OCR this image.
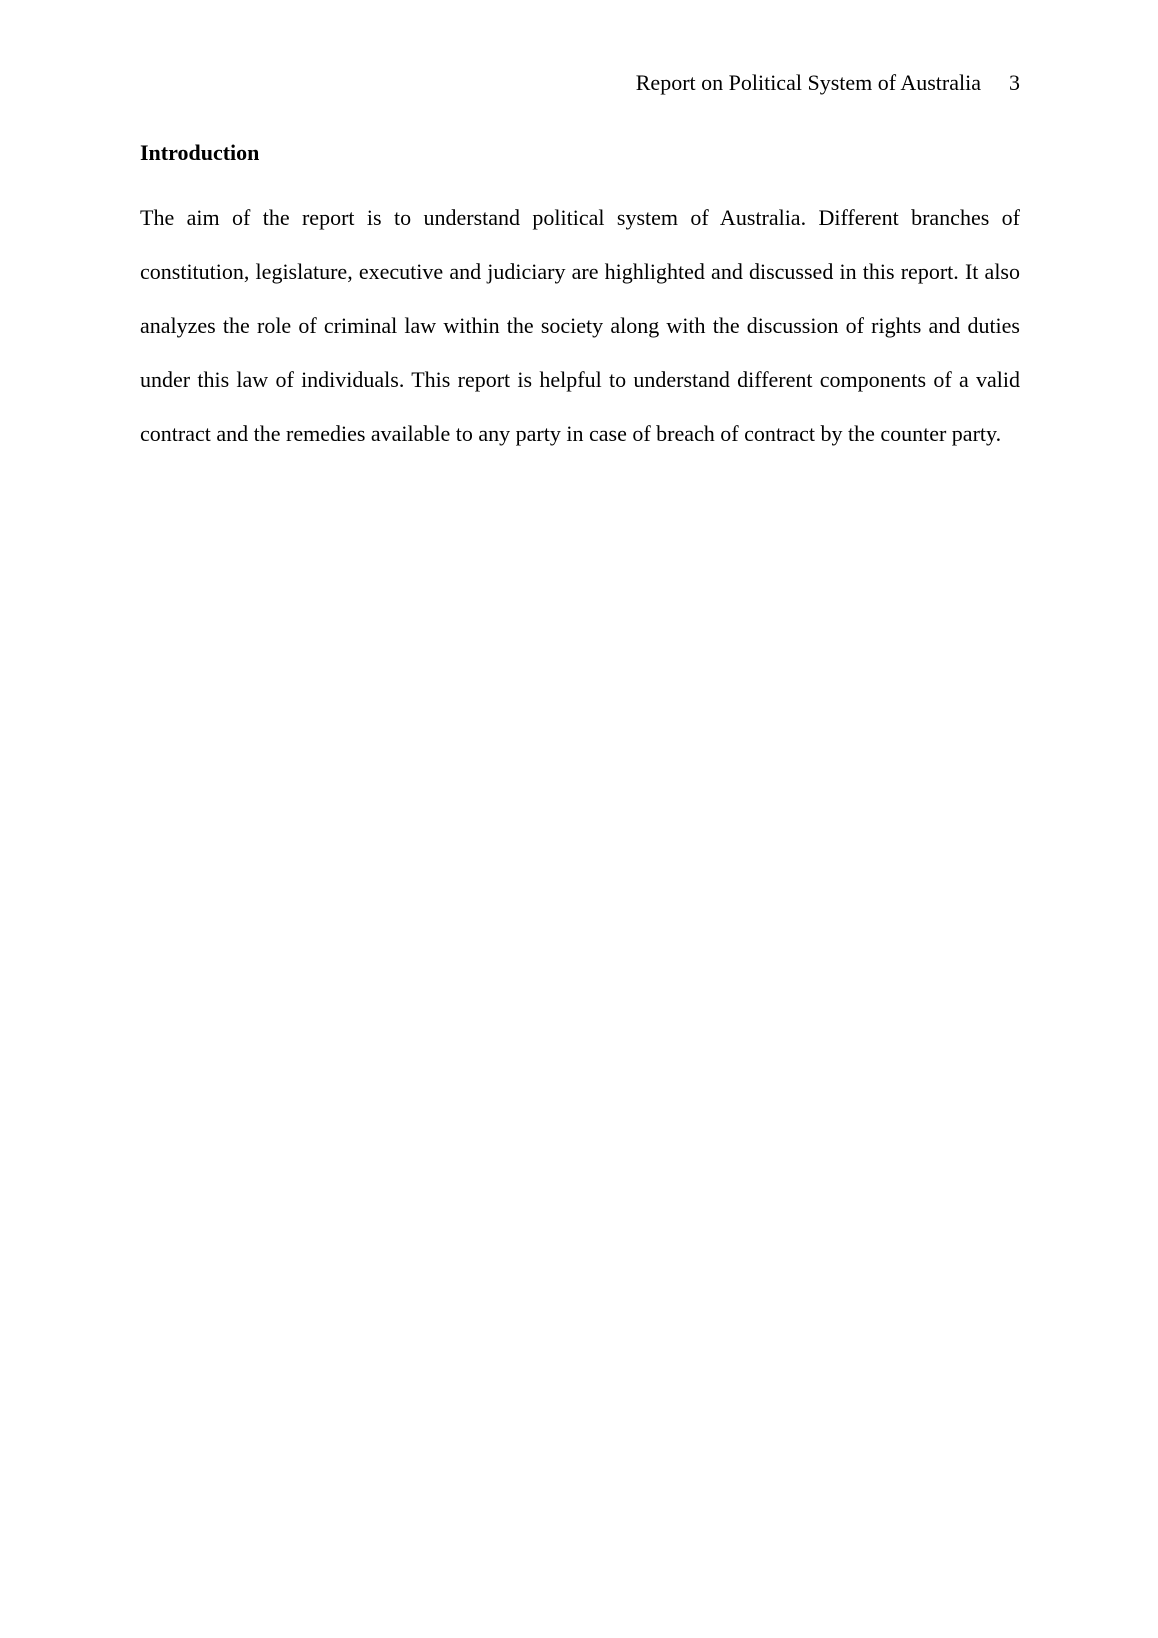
Report on Political System of Australia 3
Introduction

The aim of the report is to understand political system of Australia. Different branches of constitution, legislature, executive and judiciary are highlighted and discussed in this report. It also analyzes the role of criminal law within the society along with the discussion of rights and duties under this law of individuals. This report is helpful to understand different components of a valid contract and the remedies available to any party in case of breach of contract by the counter party.
